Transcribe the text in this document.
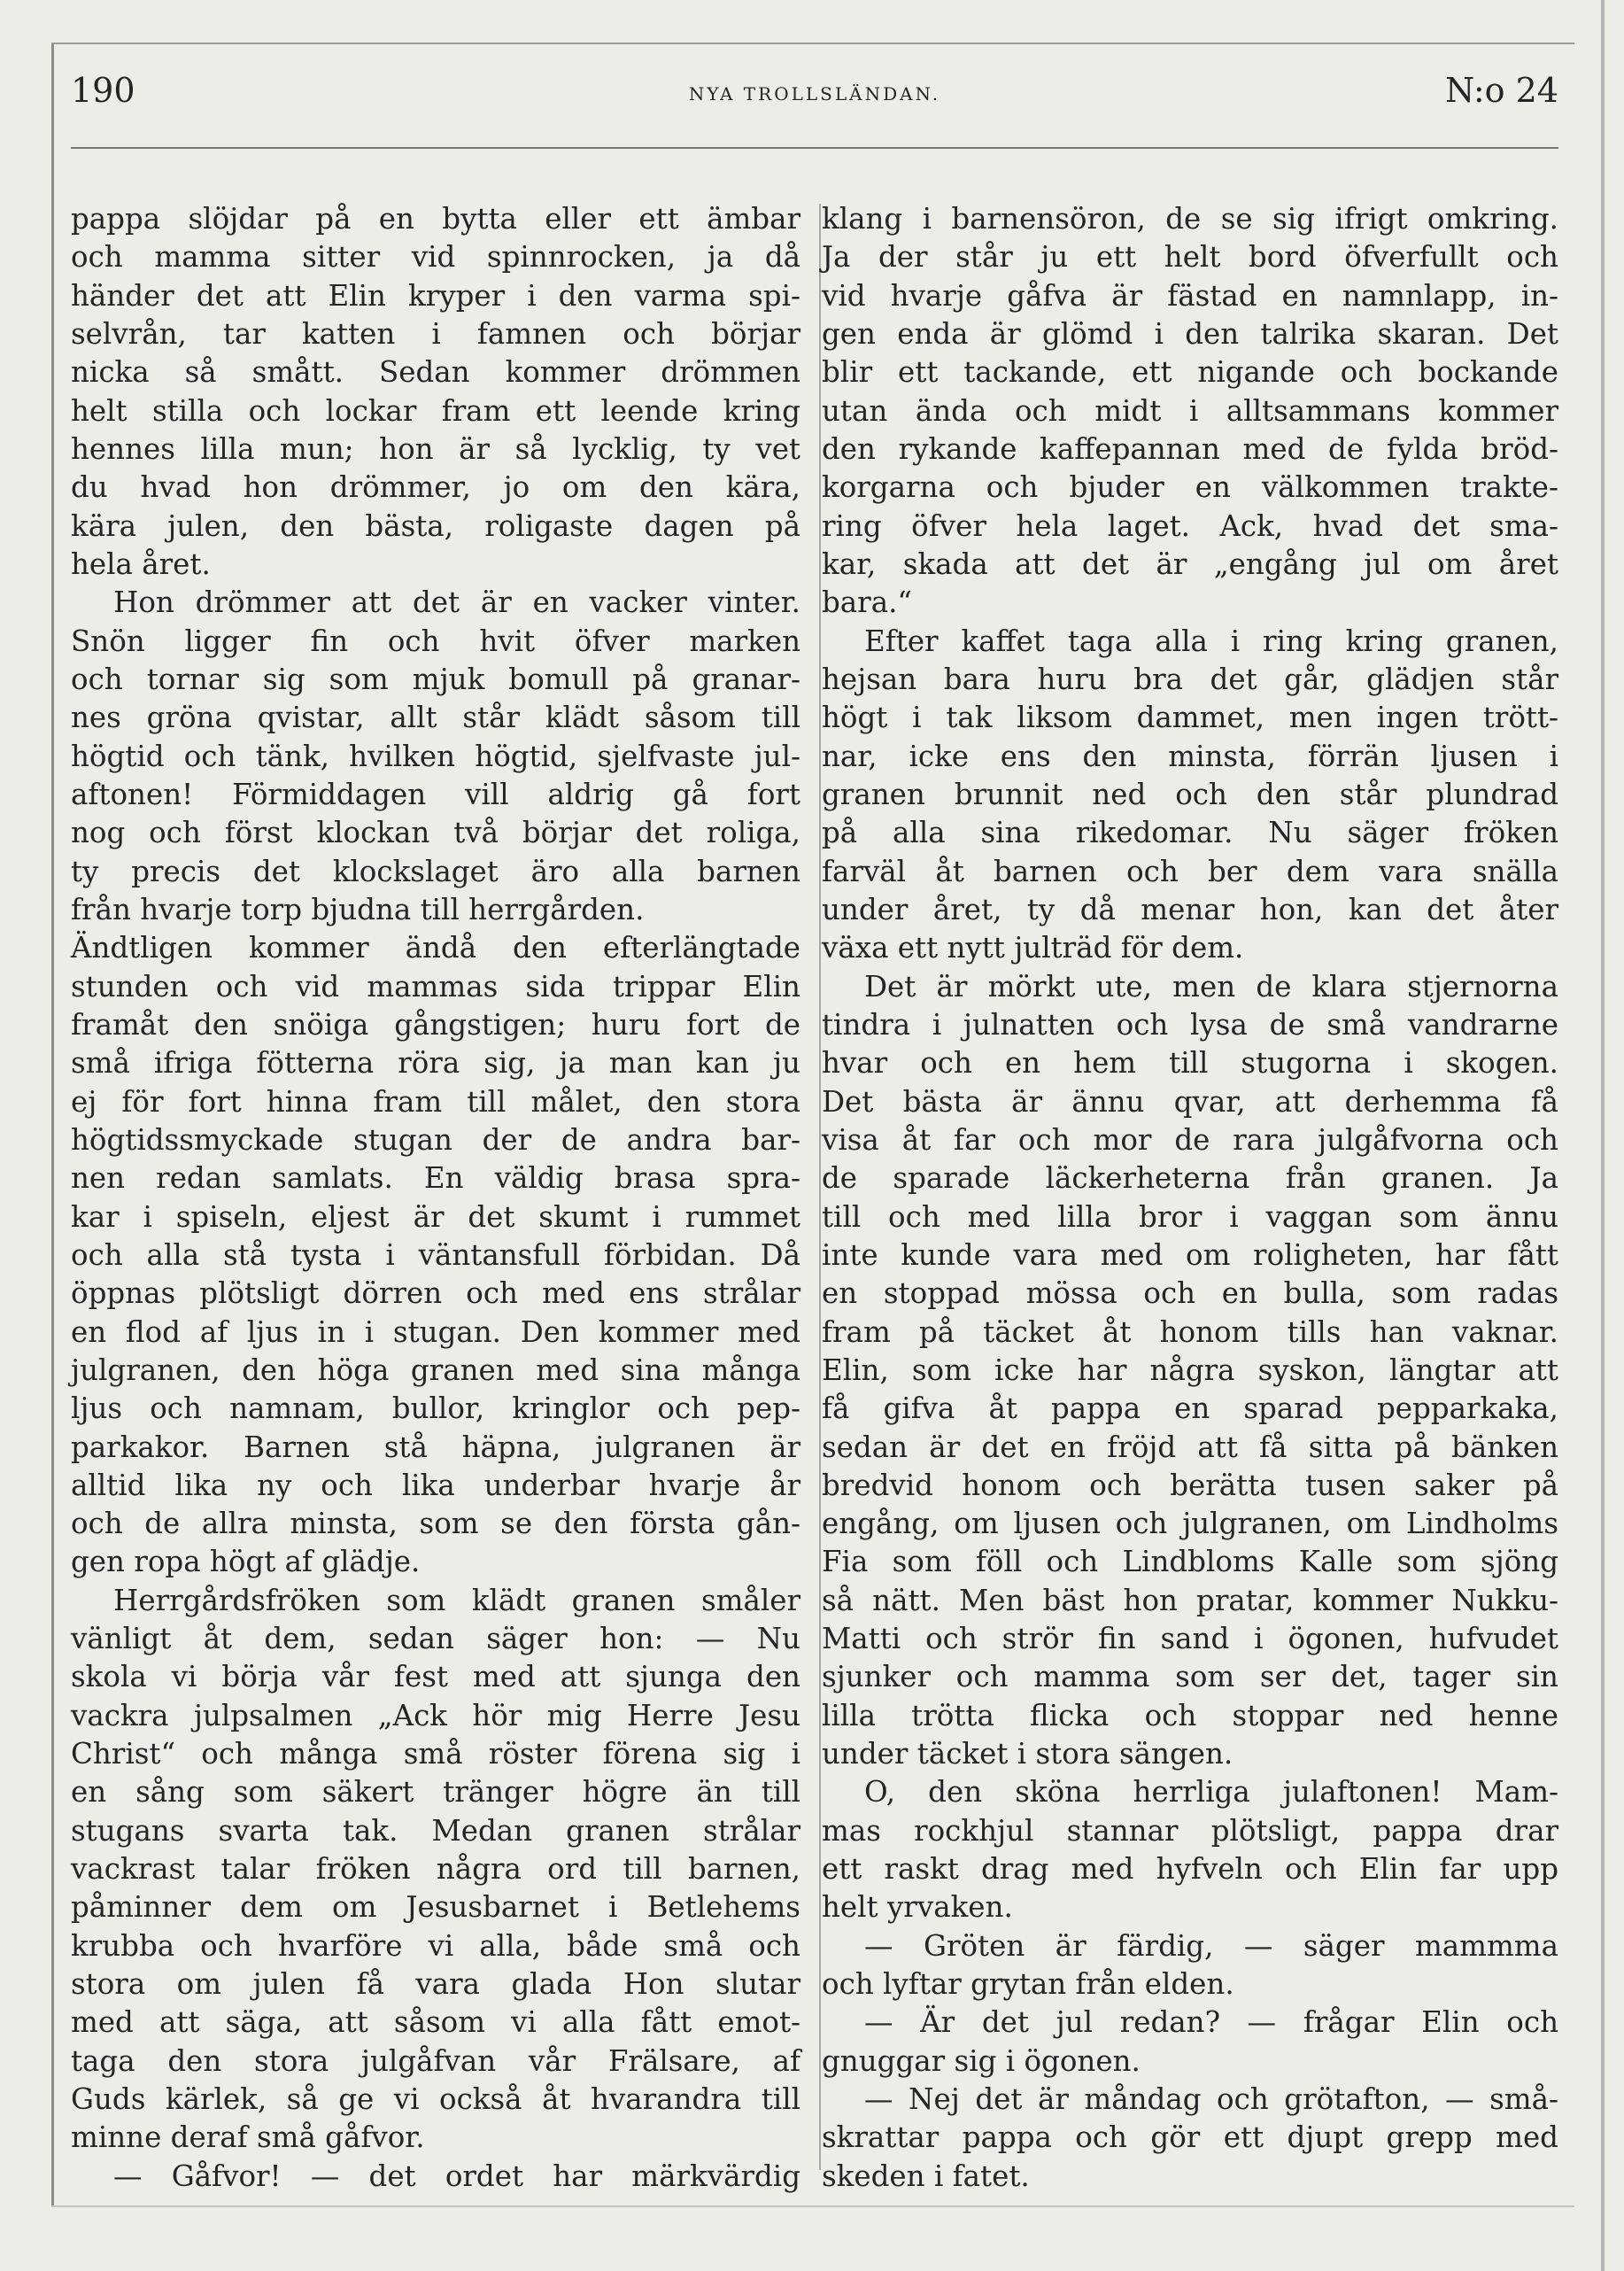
190	NYA TROLLSLÄNDAN.	N:o 24

pappa slöjdar på en bytta eller ett ämbar

och mamma sitter vid spinnrocken, ja då

händer det att Elin kryper i den varma spi-

selvrån, tar katten i famnen och börjar

nicka så smått. Sedan kommer drömmen

helt stilla och lockar fram ett leende kring

hennes lilla mun; hon är så lycklig, ty vet

du hvad hon drömmer, jo om den kära,

kära julen, den bästa, roligaste dagen på

hela året.

Hon drömmer att det är en vacker vinter.

Snön ligger fin och hvit öfver marken

och tornar sig som mjuk bomull på granar-

nes gröna qvistar, allt står klädt såsom till

högtid och tänk, hvilken högtid, sjelfvaste jul-

aftonen! Förmiddagen vill aldrig gå fort

nog och först klockan två börjar det roliga,

ty precis det klockslaget äro alla barnen

från hvarje torp bjudna till herrgården.

Ändtligen kommer ändå den efterlängtade

stunden och vid mammas sida trippar Elin

framåt den snöiga gångstigen; huru fort de

små ifriga fötterna röra sig, ja man kan ju

ej för fort hinna fram till målet, den stora

högtidssmyckade stugan der de andra bar-

nen redan samlats. En väldig brasa spra-

kar i spiseln, eljest är det skumt i rummet

och alla stå tysta i väntansfull förbidan. Då

öppnas plötsligt dörren och med ens strålar

en flod af ljus in i stugan. Den kommer med

julgranen, den höga granen med sina många

ljus och namnam, bullor, kringlor och pep-

parkakor. Barnen stå häpna, julgranen är

alltid lika ny och lika underbar hvarje år

och de allra minsta, som se den första gån-

gen ropa högt af glädje.

Herrgårdsfröken som klädt granen småler

vänligt åt dem, sedan säger hon: — Nu

skola vi börja vår fest med att sjunga den

vackra julpsalmen „Ack hör mig Herre Jesu

Christ“ och många små röster förena sig i

en sång som säkert tränger högre än till

stugans svarta tak. Medan granen strålar

vackrast talar fröken några ord till barnen,

påminner dem om Jesusbarnet i Betlehems

krubba och hvarföre vi alla, både små och

stora om julen få vara glada Hon slutar

med att säga, att såsom vi alla fått emot-

taga den stora julgåfvan vår Frälsare, af

Guds kärlek, så ge vi också åt hvarandra till

minne deraf små gåfvor.

— Gåfvor! — det ordet har märkvärdig

klang i barnensöron, de se sig ifrigt omkring.

Ja der står ju ett helt bord öfverfullt och

vid hvarje gåfva är fästad en namnlapp, in-

gen enda är glömd i den talrika skaran. Det

blir ett tackande, ett nigande och bockande

utan ända och midt i alltsammans kommer

den rykande kaffepannan med de fylda bröd-

korgarna och bjuder en välkommen trakte-

ring öfver hela laget. Ack, hvad det sma-

kar, skada att det är „engång jul om året

bara.“

Efter kaffet taga alla i ring kring granen,

hejsan bara huru bra det går, glädjen står

högt i tak liksom dammet, men ingen trött-

nar, icke ens den minsta, förrän ljusen i

granen brunnit ned och den står plundrad

på alla sina rikedomar. Nu säger fröken

farväl åt barnen och ber dem vara snälla

under året, ty då menar hon, kan det åter

växa ett nytt julträd för dem.

Det är mörkt ute, men de klara stjernorna

tindra i julnatten och lysa de små vandrarne

hvar och en hem till stugorna i skogen.

Det bästa är ännu qvar, att derhemma få

visa åt far och mor de rara julgåfvorna och

de sparade läckerheterna från granen. Ja

till och med lilla bror i vaggan som ännu

inte kunde vara med om roligheten, har fått

en stoppad mössa och en bulla, som radas

fram på täcket åt honom tills han vaknar.

Elin, som icke har några syskon, längtar att

få gifva åt pappa en sparad pepparkaka,

sedan är det en fröjd att få sitta på bänken

bredvid honom och berätta tusen saker på

engång, om ljusen och julgranen, om Lindholms

Fia som föll och Lindbloms Kalle som sjöng

så nätt. Men bäst hon pratar, kommer Nukku-

Matti och strör fin sand i ögonen, hufvudet

sjunker och mamma som ser det, tager sin

lilla trötta flicka och stoppar ned henne

under täcket i stora sängen.

O, den sköna herrliga julaftonen! Mam-

mas rockhjul stannar plötsligt, pappa drar

ett raskt drag med hyfveln och Elin far upp

helt yrvaken.

— Gröten är färdig, — säger mammma

och lyftar grytan från elden.

— Är det jul redan? — frågar Elin och

gnuggar sig i ögonen.

— Nej det är måndag och grötafton, — små-

skrattar pappa och gör ett djupt grepp med

skeden i fatet.
